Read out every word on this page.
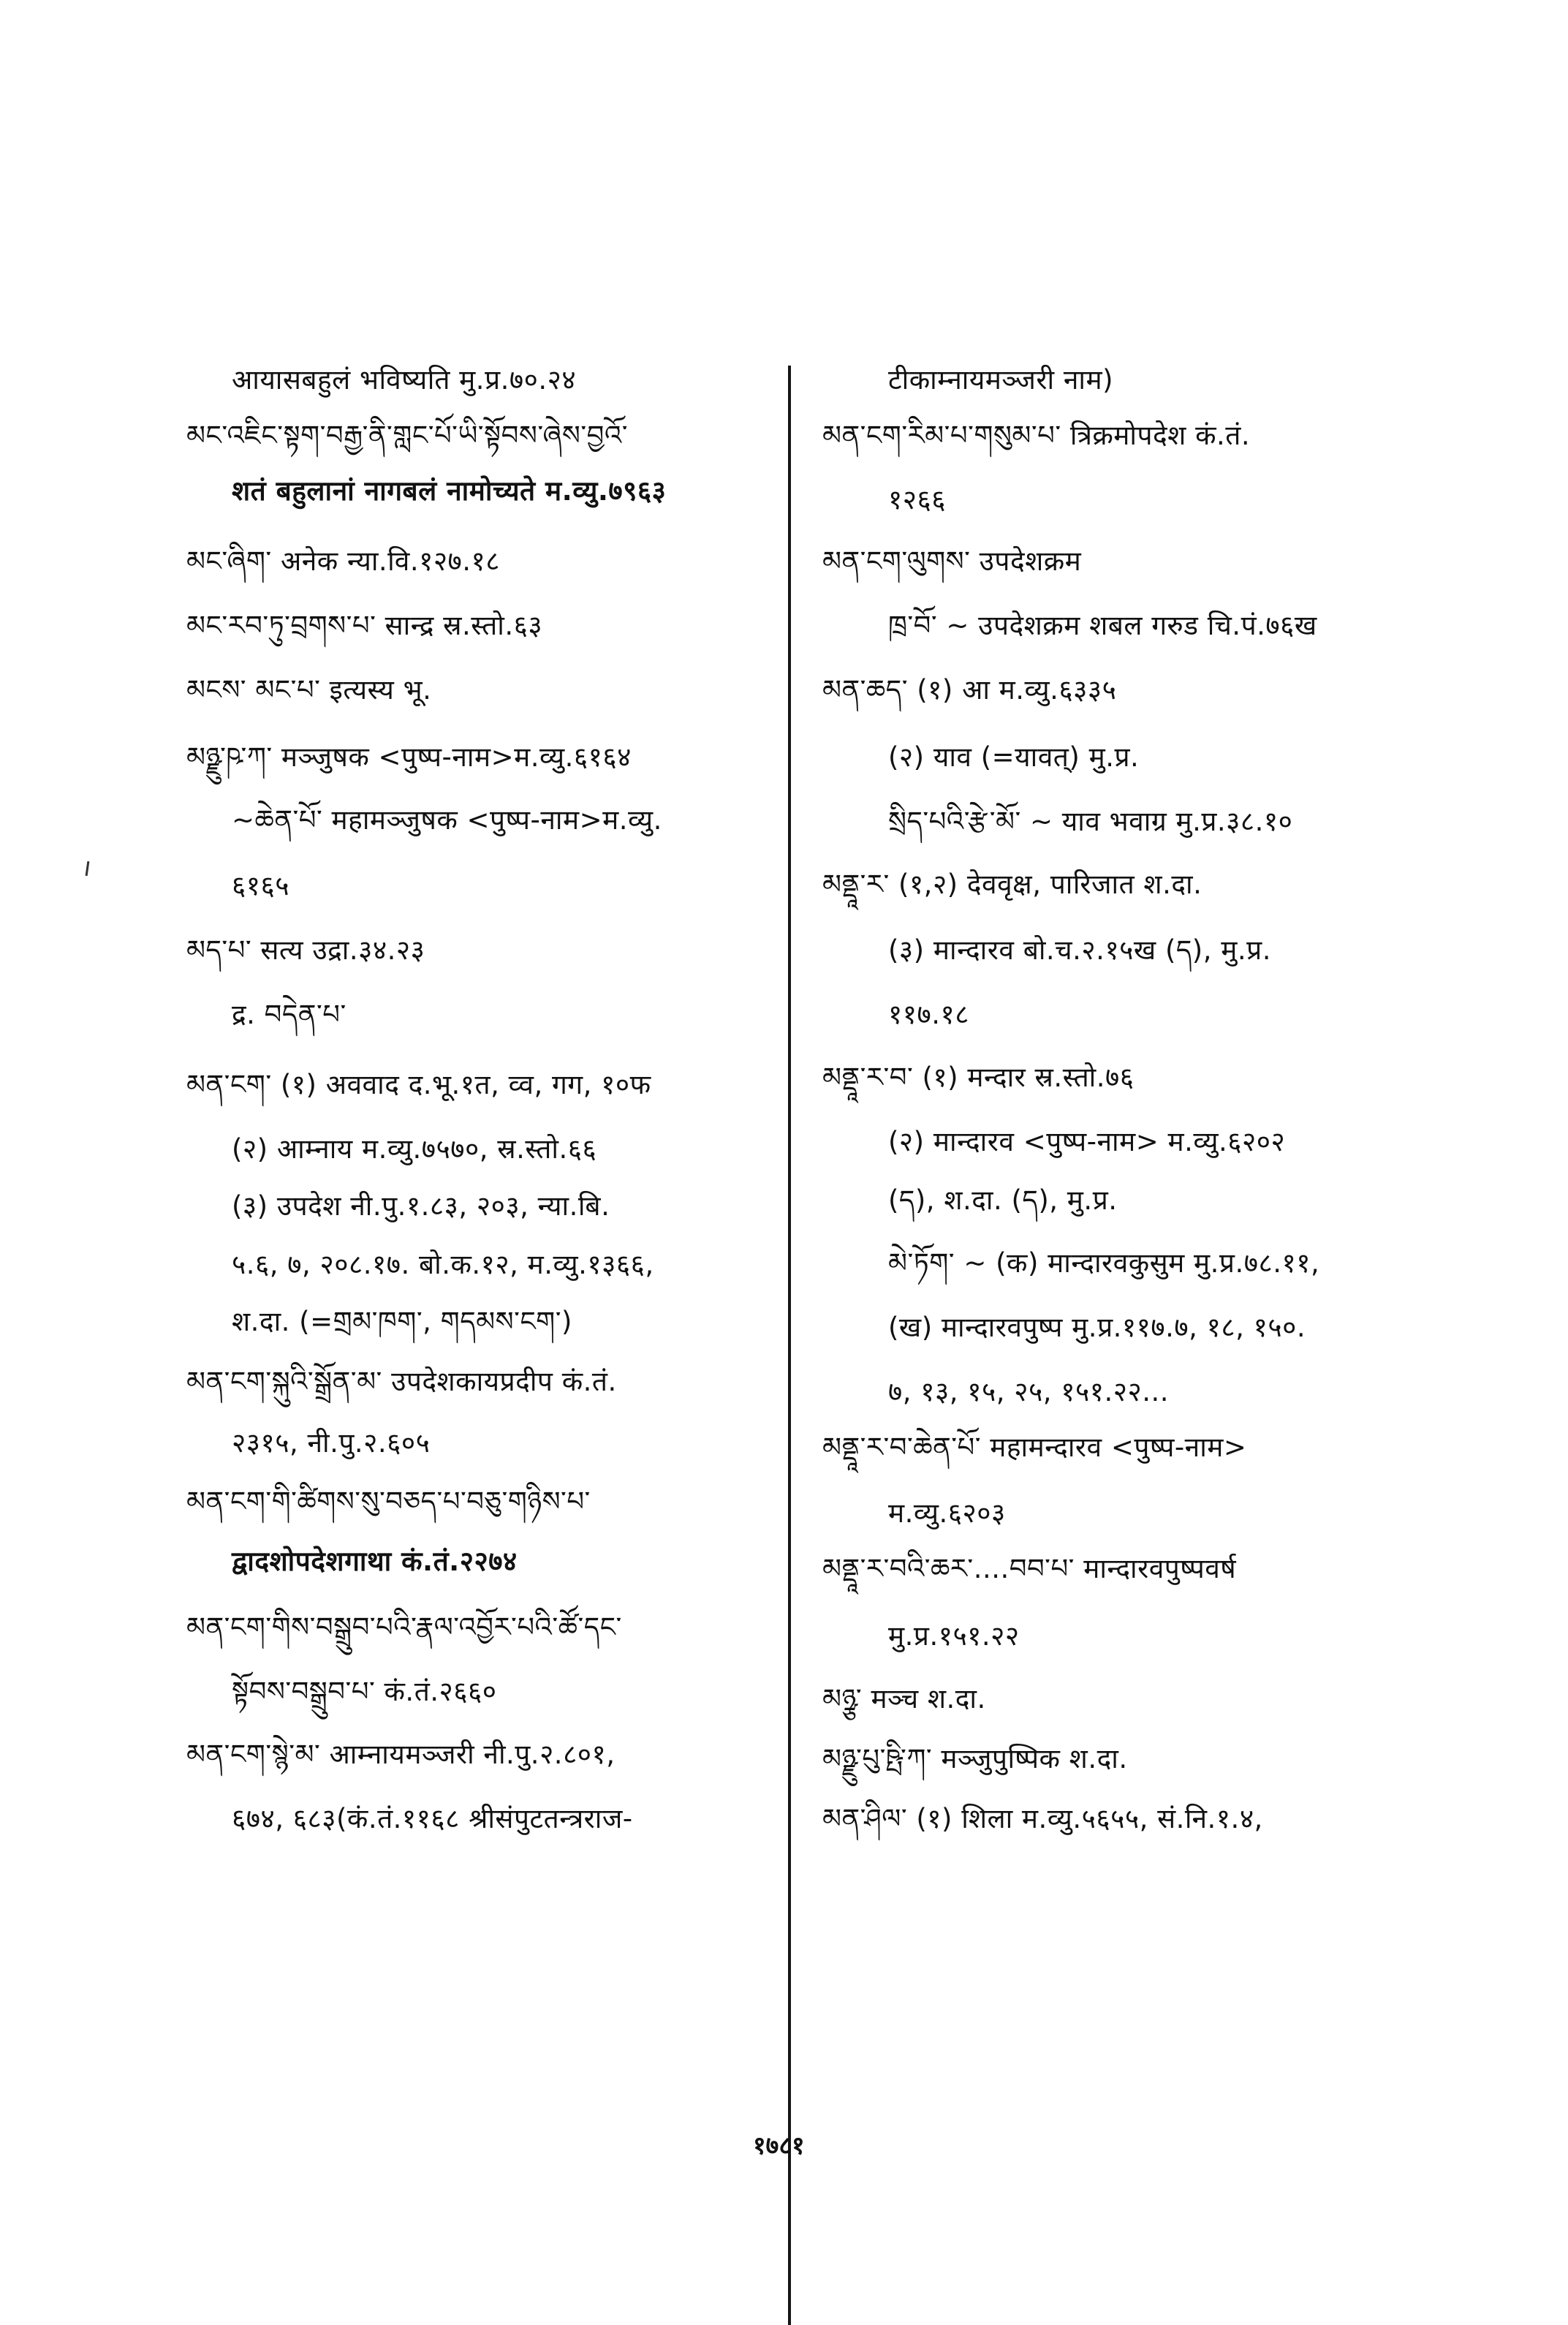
आयासबहुलं भविष्यति मु.प्र.७०.२४
མང་འཇིང་སྟག་བརྒྱ་ནི་གླང་པོ་ཡི་སྟོབས་ཞེས་བྱའོ་
शतं बहुलानां नागबलं नामोच्यते म.व्यु.७९६३
མང་ཞིག་ अनेक न्या.वि.१२७.१८
མང་རབ་ཏུ་བྲགས་པ་ सान्द्र स्र.स्तो.६३
མངས་ མང་པ་ इत्यस्य भू.
མཉྫུ་ཥ་ཀ་ मञ्जुषक <पुष्प-नाम>म.व्यु.६१६४
~ཆེན་པོ་ महामञ्जुषक <पुष्प-नाम>म.व्यु.
६१६५
མད་པ་ सत्य उद्रा.३४.२३
द्र. བདེན་པ་
མན་ངག་ (१) अववाद द.भू.१त, व्व, गग, १०फ
(२) आम्नाय म.व्यु.७५७०, स्र.स्तो.६६
(३) उपदेश नी.पु.१.८३, २०३, न्या.बि.
५.६, ७, २०८.१७. बो.क.१२, म.व्यु.१३६६,
श.दा. (=གྲམ་ཁག་, གདམས་ངག་)
མན་ངག་སྐུའི་སྒྲོན་མ་ उपदेशकायप्रदीप कं.तं.
२३१५, नी.पु.२.६०५
མན་ངག་གི་ཚིགས་སུ་བཅད་པ་བཅུ་གཉིས་པ་
द्वादशोपदेशगाथा कं.तं.२२७४
མན་ངག་གིས་བསྒྲུབ་པའི་རྣལ་འབྱོར་པའི་ཚོ་དང་
སྟོབས་བསྒྲུབ་པ་ कं.तं.२६६०
མན་ངག་སྙེ་མ་ आम्नायमञ्जरी नी.पु.२.८०१,
६७४, ६८३(कं.तं.११६८ श्रीसंपुटतन्त्रराज-
टीकाम्नायमञ्जरी नाम)
མན་ངག་རིམ་པ་གསུམ་པ་ त्रिक्रमोपदेश कं.तं.
१२६६
མན་ངག་ལུགས་ उपदेशक्रम
ཁྲ་བོ་ ~ उपदेशक्रम शबल गरुड चि.पं.७६ख
མན་ཆད་ (१) आ म.व्यु.६३३५
(२) याव (=यावत्) मु.प्र.
སྲིད་པའི་རྩེ་མོ་ ~ याव भवाग्र मु.प्र.३८.१०
མནྡཱ་ར་ (१,२) देववृक्ष, पारिजात श.दा.
(३) मान्दारव बो.च.२.१५ख (ད), मु.प्र.
११७.१८
མནྡཱ་ར་བ་ (१) मन्दार स्र.स्तो.७६
(२) मान्दारव <पुष्प-नाम> म.व्यु.६२०२
(ད), श.दा. (ད), मु.प्र.
མེ་ཏོག་ ~ (क) मान्दारवकुसुम मु.प्र.७८.११,
(ख) मान्दारवपुष्प मु.प्र.११७.७, १८, १५०.
७, १३, १५, २५, १५१.२२...
མནྡཱ་ར་བ་ཆེན་པོ་ महामन्दारव <पुष्प-नाम>
म.व्यु.६२०३
མནྡཱ་ར་བའི་ཆར་....བབ་པ་ मान्दारवपुष्पवर्ष
मु.प्र.१५१.२२
མཉྩ་ मञ्च श.दा.
མཉྫུ་པུ་ཥྤི་ཀ་ मञ्जुपुष्पिक श.दा.
མན་ཤིལ་ (१) शिला म.व्यु.५६५५, सं.नि.१.४,
१७८१
